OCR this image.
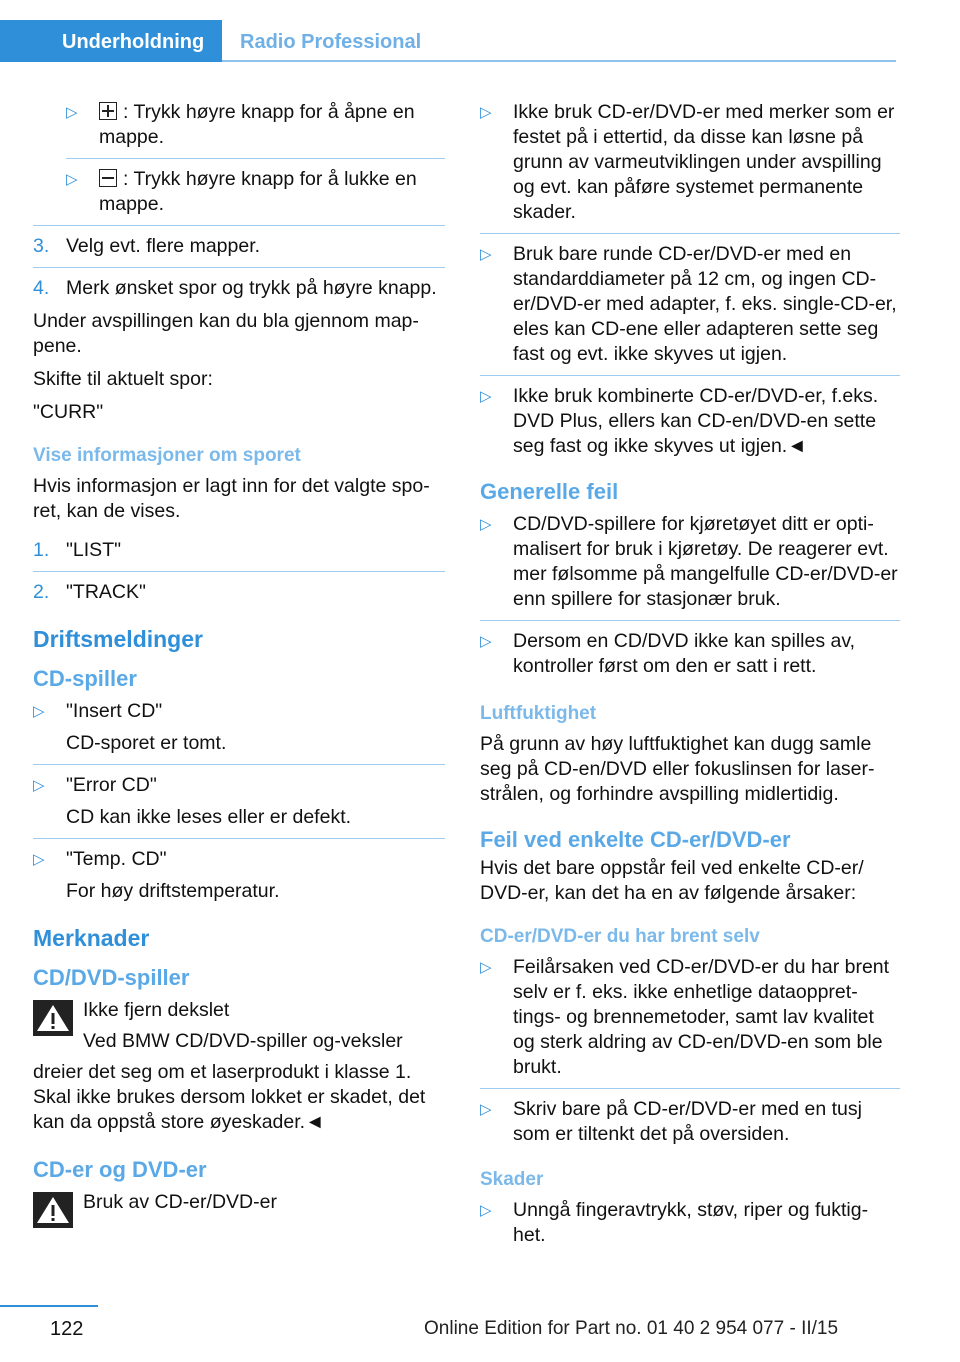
Underholdning Radio Professional
▷ : Trykk høyre knapp for å åpne en mappe.
▷ : Trykk høyre knapp for å lukke en mappe.
3. Velg evt. flere mapper.
4. Merk ønsket spor og trykk på høyre knapp.
Under avspillingen kan du bla gjennom map-pene.
Skifte til aktuelt spor:
"CURR"
Vise informasjoner om sporet
Hvis informasjon er lagt inn for det valgte spo-ret, kan de vises.
1. "LIST"
2. "TRACK"
Driftsmeldinger
CD-spiller
▷ "Insert CD"
CD-sporet er tomt.
▷ "Error CD"
CD kan ikke leses eller er defekt.
▷ "Temp. CD"
For høy driftstemperatur.
Merknader
CD/DVD-spiller
Ikke fjern dekslet
Ved BMW CD/DVD-spiller og-veksler
dreier det seg om et laserprodukt i klasse 1. Skal ikke brukes dersom lokket er skadet, det kan da oppstå store øyeskader.◄
CD-er og DVD-er
Bruk av CD-er/DVD-er
▷ Ikke bruk CD-er/DVD-er med merker som er festet på i ettertid, da disse kan løsne på grunn av varmeutviklingen under avspilling og evt. kan påføre systemet permanente skader.
▷ Bruk bare runde CD-er/DVD-er med en standarddiameter på 12 cm, og ingen CD-er/DVD-er med adapter, f. eks. single-CD-er, eles kan CD-ene eller adapteren sette seg fast og evt. ikke skyves ut igjen.
▷ Ikke bruk kombinerte CD-er/DVD-er, f.eks. DVD Plus, ellers kan CD-en/DVD-en sette seg fast og ikke skyves ut igjen.◄
Generelle feil
▷ CD/DVD-spillere for kjøretøyet ditt er opti-malisert for bruk i kjøretøy. De reagerer evt. mer følsomme på mangelfulle CD-er/DVD-er enn spillere for stasjonær bruk.
▷ Dersom en CD/DVD ikke kan spilles av, kontroller først om den er satt i rett.
Luftfuktighet
På grunn av høy luftfuktighet kan dugg samle seg på CD-en/DVD eller fokuslinsen for laser-strålen, og forhindre avspilling midlertidig.
Feil ved enkelte CD-er/DVD-er
Hvis det bare oppstår feil ved enkelte CD-er/ DVD-er, kan det ha en av følgende årsaker:
CD-er/DVD-er du har brent selv
▷ Feilårsaken ved CD-er/DVD-er du har brent selv er f. eks. ikke enhetlige dataoppret-tings- og brennemetoder, samt lav kvalitet og sterk aldring av CD-en/DVD-en som ble brukt.
▷ Skriv bare på CD-er/DVD-er med en tusj som er tiltenkt det på oversiden.
Skader
▷ Unngå fingeravtrykk, støv, riper og fuktig-het.
122	Online Edition for Part no. 01 40 2 954 077 - II/15
